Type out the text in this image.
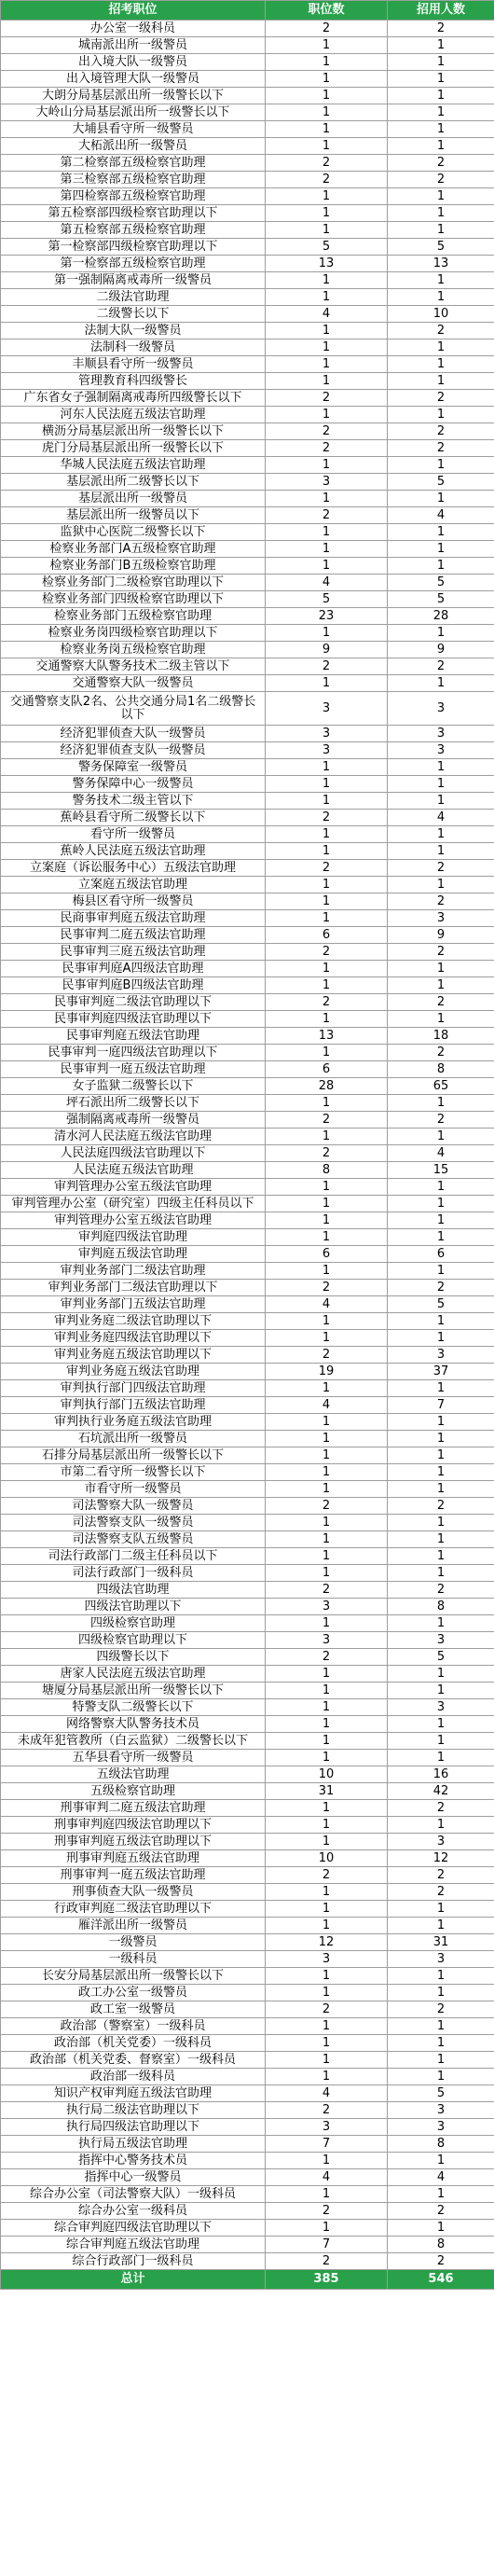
招考职位	职位数	招用人数
办公室一级科员	2	2
城南派出所一级警员	1	1
出入境大队一级警员	1	1
出入境管理大队一级警员	1	1
大朗分局基层派出所一级警长以下	1	1
大岭山分局基层派出所一级警长以下	1	1
大埔县看守所一级警员	1	1
大柘派出所一级警员	1	1
第二检察部五级检察官助理	2	2
第三检察部五级检察官助理	2	2
第四检察部五级检察官助理	1	1
第五检察部四级检察官助理以下	1	1
第五检察部五级检察官助理	1	1
第一检察部四级检察官助理以下	5	5
第一检察部五级检察官助理	13	13
第一强制隔离戒毒所一级警员	1	1
二级法官助理	1	1
二级警长以下	4	10
法制大队一级警员	1	2
法制科一级警员	1	1
丰顺县看守所一级警员	1	1
管理教育科四级警长	1	1
广东省女子强制隔离戒毒所四级警长以下	2	2
河东人民法庭五级法官助理	1	1
横沥分局基层派出所一级警长以下	2	2
虎门分局基层派出所一级警长以下	2	2
华城人民法庭五级法官助理	1	1
基层派出所二级警长以下	3	5
基层派出所一级警员	1	1
基层派出所一级警员以下	2	4
监狱中心医院二级警长以下	1	1
检察业务部门A五级检察官助理	1	1
检察业务部门B五级检察官助理	1	1
检察业务部门二级检察官助理以下	4	5
检察业务部门四级检察官助理以下	5	5
检察业务部门五级检察官助理	23	28
检察业务岗四级检察官助理以下	1	1
检察业务岗五级检察官助理	9	9
交通警察大队警务技术二级主管以下	2	2
交通警察大队一级警员	1	1
交通警察支队2名、公共交通分局1名二级警长以下	3	3
经济犯罪侦查大队一级警员	3	3
经济犯罪侦查支队一级警员	3	3
警务保障室一级警员	1	1
警务保障中心一级警员	1	1
警务技术二级主管以下	1	1
蕉岭县看守所二级警长以下	2	4
看守所一级警员	1	1
蕉岭人民法庭五级法官助理	1	1
立案庭（诉讼服务中心）五级法官助理	2	2
立案庭五级法官助理	1	1
梅县区看守所一级警员	1	2
民商事审判庭五级法官助理	1	3
民事审判二庭五级法官助理	6	9
民事审判三庭五级法官助理	2	2
民事审判庭A四级法官助理	1	1
民事审判庭B四级法官助理	1	1
民事审判庭二级法官助理以下	2	2
民事审判庭四级法官助理以下	1	1
民事审判庭五级法官助理	13	18
民事审判一庭四级法官助理以下	1	2
民事审判一庭五级法官助理	6	8
女子监狱二级警长以下	28	65
坪石派出所二级警长以下	1	1
强制隔离戒毒所一级警员	2	2
清水河人民法庭五级法官助理	1	1
人民法庭四级法官助理以下	2	4
人民法庭五级法官助理	8	15
审判管理办公室五级法官助理	1	1
审判管理办公室（研究室）四级主任科员以下	1	1
审判管理办公室五级法官助理	1	1
审判庭四级法官助理	1	1
审判庭五级法官助理	6	6
审判业务部门二级法官助理	1	1
审判业务部门二级法官助理以下	2	2
审判业务部门五级法官助理	4	5
审判业务庭二级法官助理以下	1	1
审判业务庭四级法官助理以下	1	1
审判业务庭五级法官助理以下	2	3
审判业务庭五级法官助理	19	37
审判执行部门四级法官助理	1	1
审判执行部门五级法官助理	4	7
审判执行业务庭五级法官助理	1	1
石坑派出所一级警员	1	1
石排分局基层派出所一级警长以下	1	1
市第二看守所一级警长以下	1	1
市看守所一级警员	1	1
司法警察大队一级警员	2	2
司法警察支队一级警员	1	1
司法警察支队五级警员	1	1
司法行政部门二级主任科员以下	1	1
司法行政部门一级科员	1	1
四级法官助理	2	2
四级法官助理以下	3	8
四级检察官助理	1	1
四级检察官助理以下	3	3
四级警长以下	2	5
唐家人民法庭五级法官助理	1	1
塘厦分局基层派出所一级警长以下	1	1
特警支队二级警长以下	1	3
网络警察大队警务技术员	1	1
未成年犯管教所（白云监狱）二级警长以下	1	1
五华县看守所一级警员	1	1
五级法官助理	10	16
五级检察官助理	31	42
刑事审判二庭五级法官助理	1	2
刑事审判庭四级法官助理以下	1	1
刑事审判庭五级法官助理以下	1	3
刑事审判庭五级法官助理	10	12
刑事审判一庭五级法官助理	2	2
刑事侦查大队一级警员	1	2
行政审判庭二级法官助理以下	1	1
雁洋派出所一级警员	1	1
一级警员	12	31
一级科员	3	3
长安分局基层派出所一级警长以下	1	1
政工办公室一级警员	1	1
政工室一级警员	2	2
政治部（警察室）一级科员	1	1
政治部（机关党委）一级科员	1	1
政治部（机关党委、督察室）一级科员	1	1
政治部一级科员	1	1
知识产权审判庭五级法官助理	4	5
执行局二级法官助理以下	2	3
执行局四级法官助理以下	3	3
执行局五级法官助理	7	8
指挥中心警务技术员	1	1
指挥中心一级警员	4	4
综合办公室（司法警察大队）一级科员	1	1
综合办公室一级科员	2	2
综合审判庭四级法官助理以下	1	1
综合审判庭五级法官助理	7	8
综合行政部门一级科员	2	2
总计	385	546
